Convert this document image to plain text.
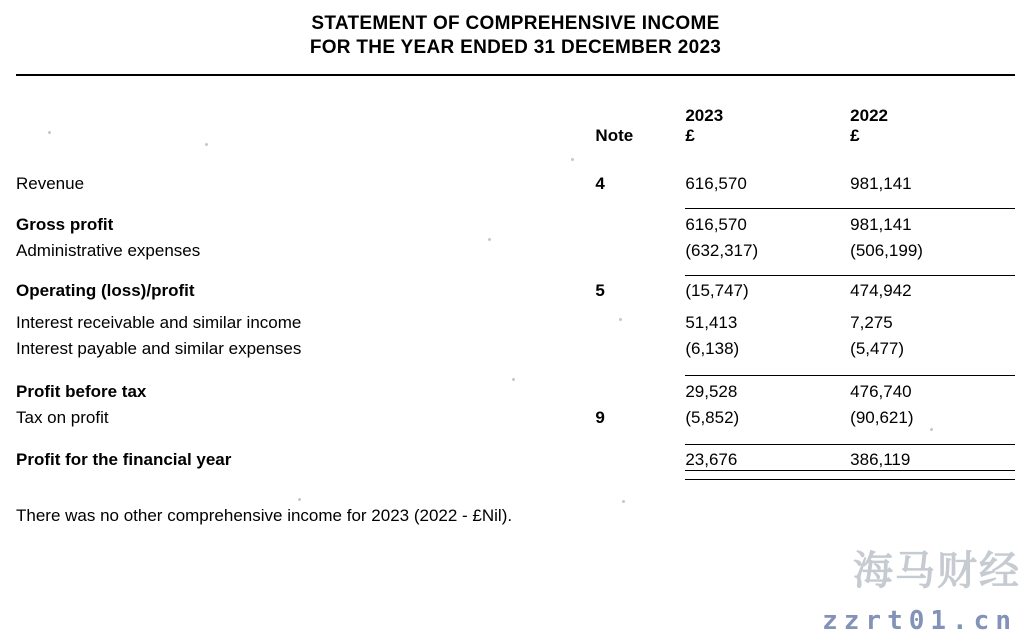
STATEMENT OF COMPREHENSIVE INCOME
FOR THE YEAR ENDED 31 DECEMBER 2023

		2023	2022
	Note	£	£

Revenue	4	616,570	981,141

Gross profit		616,570	981,141
Administrative expenses		(632,317)	(506,199)

Operating (loss)/profit	5	(15,747)	474,942

Interest receivable and similar income		51,413	7,275
Interest payable and similar expenses		(6,138)	(5,477)

Profit before tax		29,528	476,740
Tax on profit	9	(5,852)	(90,621)

Profit for the financial year		23,676	386,119

There was no other comprehensive income for 2023 (2022 - £Nil).
海马财经
zzrt01.cn
